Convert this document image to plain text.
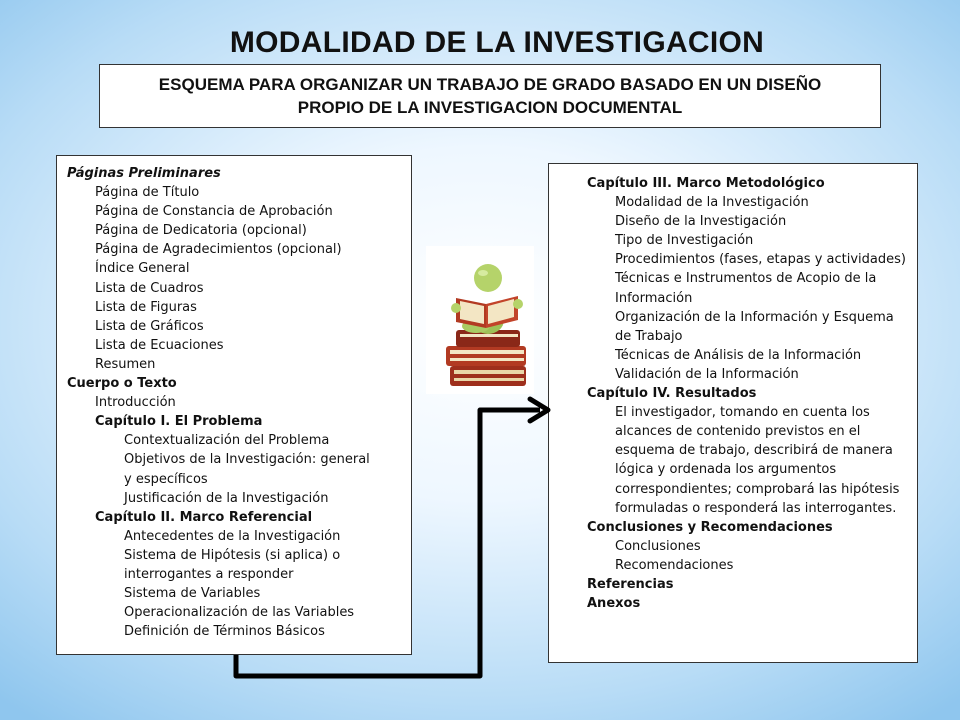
MODALIDAD DE LA INVESTIGACION
ESQUEMA PARA ORGANIZAR UN TRABAJO DE GRADO BASADO EN UN DISEÑO
PROPIO DE LA INVESTIGACION DOCUMENTAL
Páginas Preliminares
Página de Título
Página de Constancia de Aprobación
Página de Dedicatoria (opcional)
Página de Agradecimientos (opcional)
Índice General
Lista de Cuadros
Lista de Figuras
Lista de Gráficos
Lista de Ecuaciones
Resumen
Cuerpo o Texto
Introducción
Capítulo I. El Problema
Contextualización del Problema
Objetivos de la Investigación: general
y específicos
Justificación de la Investigación
Capítulo II. Marco Referencial
Antecedentes de la Investigación
Sistema de Hipótesis (si aplica) o
interrogantes a responder
Sistema de Variables
Operacionalización de las Variables
Definición de Términos Básicos
Capítulo III. Marco Metodológico
Modalidad de la Investigación
Diseño de la Investigación
Tipo de Investigación
Procedimientos (fases, etapas y actividades)
Técnicas e Instrumentos de Acopio de la Información
Organización de la Información y Esquema de Trabajo
Técnicas de Análisis de la Información
Validación de la Información
Capítulo IV. Resultados
El investigador, tomando en cuenta los alcances de contenido previstos en el esquema de trabajo, describirá de manera lógica y ordenada los argumentos correspondientes; comprobará las hipótesis formuladas o responderá las interrogantes.
Conclusiones y Recomendaciones
Conclusiones
Recomendaciones
Referencias
Anexos
